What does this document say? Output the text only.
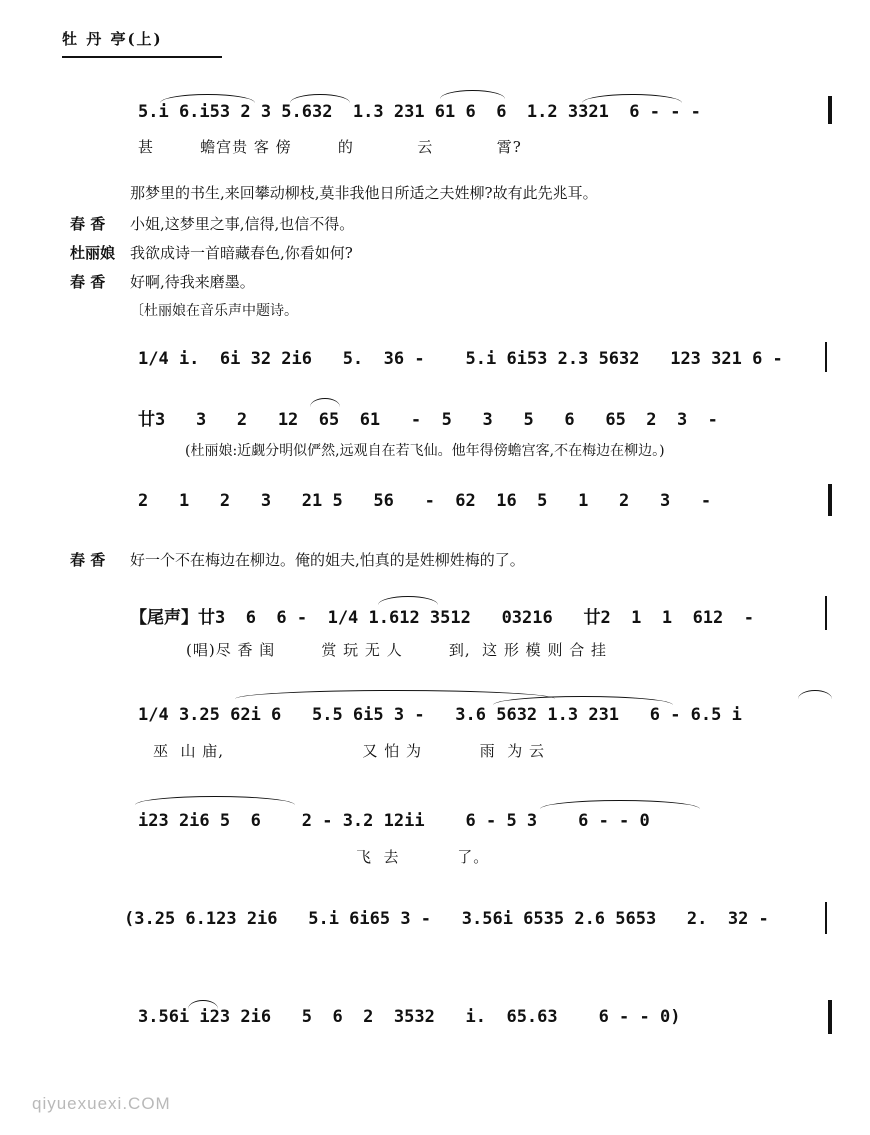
牡 丹 亭(上)
5.i 6.i53 2 3 5.632  1.3 231 61 6  6  1.2 3321  6 - - -
甚        蟾宫贵 客 傍        的           云           霄?
那梦里的书生,来回攀动柳枝,莫非我他日所适之夫姓柳?故有此先兆耳。
春 香 小姐,这梦里之事,信得,也信不得。
杜丽娘 我欲成诗一首暗藏春色,你看如何?
春 香 好啊,待我来磨墨。
〔杜丽娘在音乐声中题诗。
1/4 i.  6i 32 2i6   5.  36 -    5.i 6i53 2.3 5632   123 321 6 -
廿3   3   2   12  65  61   -  5   3   5   6   65  2  3  -
(杜丽娘:近觑分明似俨然,远观自在若飞仙。他年得傍蟾宫客,不在梅边在柳边。)
2   1   2   3   21 5   56   -  62  16  5   1   2   3   -
春 香 好一个不在梅边在柳边。俺的姐夫,怕真的是姓柳姓梅的了。
【尾声】廿3  6  6 -  1/4 1.612 3512   03216   廿2  1  1  612  -
(唱)尽 香 闺        赏 玩 无 人        到,  这 形 模 则 合 挂
1/4 3.25 62i 6   5.5 6i5 3 -   3.6 5632 1.3 231   6 - 6.5 i
巫  山 庙,                        又 怕 为          雨  为 云
i23 2i6 5  6    2 - 3.2 12ii    6 - 5 3    6 - - 0
飞  去          了。
(3.25 6.123 2i6   5.i 6i65 3 -   3.56i 6535 2.6 5653   2.  32 -
3.56i i23 2i6   5  6  2  3532   i.  65.63    6 - - 0)
qiyuexuexi.COM
